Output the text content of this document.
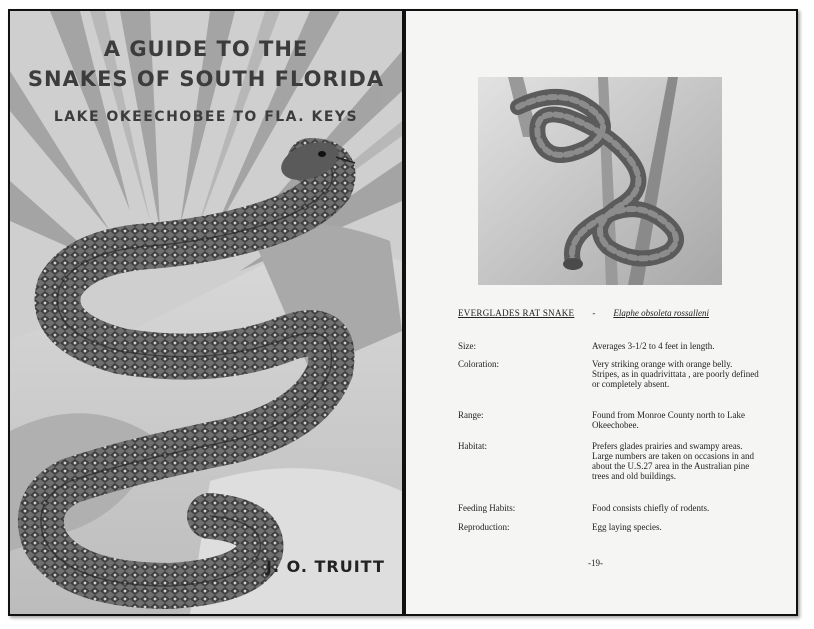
A GUIDE TO THE
SNAKES OF SOUTH FLORIDA
LAKE OKEECHOBEE TO FLA. KEYS
J. O. TRUITT
EVERGLADES RAT SNAKE - Elaphe obsoleta rossalleni
Size:	Averages 3-1/2 to 4 feet in length.
Coloration:	Very striking orange with orange belly. Stripes, as in quadrivittata , are poorly defined or completely absent.
Range:	Found from Monroe County north to Lake Okeechobee.
Habitat:	Prefers glades prairies and swampy areas. Large numbers are taken on occasions in and about the U.S.27 area in the Australian pine trees and old buildings.
Feeding Habits:	Food consists chiefly of rodents.
Reproduction:	Egg laying species.
-19-
